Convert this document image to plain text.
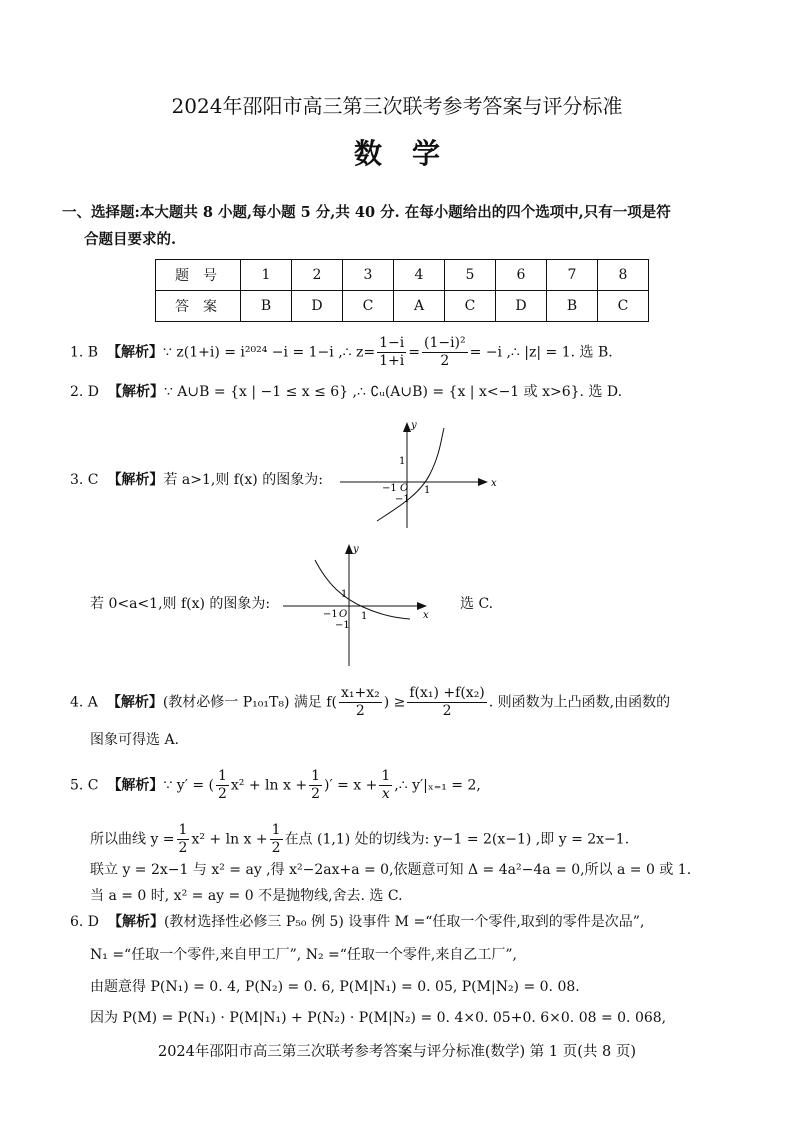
2024年邵阳市高三第三次联考参考答案与评分标准
数学
一、选择题:本大题共 8 小题,每小题 5 分,共 40 分. 在每小题给出的四个选项中,只有一项是符
合题目要求的.
题号	1	2	3	4	5	6	7	8
答案	B	D	C	A	C	D	B	C
1. B 【解析】∵ z(1+i) = i²⁰²⁴ −i = 1−i ,∴ $z= \frac{1-i}{1+i} = \frac{\text{(1−i)²}}{2} = -i$ ,∴ |z| = 1. 选 B.
2. D 【解析】∵ A∪B = {x | −1 ≤ x ≤ 6} ,∴ ∁ᵤ(A∪B) = {x | x<−1 或 x>6}. 选 D.
3. C 【解析】若 a>1,则 f(x) 的图象为:	x
y
1
−1 O 1
−1
若 0<a<1,则 f(x) 的图象为:
x
y
1
−1 O 1
−1
选 C.
4. A 【解析】(教材必修一 P₁₀₁T₈) 满足 $f( \frac{\text{x₁+x₂}}{2}$ ) ≥ $\frac{\text{f(x₁) +f(x₂)}}{2}$ . 则函数为上凸函数,由函数的
图象可得选 A.
5. C 【解析】∵ y′ = ( $\frac{1}{2} x^2 + \ln x + \frac{1}{2}$ )′ = $x + \frac{1}{x}$ ,∴ y′|ₓ₌₁ = 2,
所以曲线 $y = \frac{1}{2} x^2 + \ln x + \frac{1}{2}$ 在点 (1,1) 处的切线为: y−1 = 2(x−1) ,即 y = 2x−1.
联立 y = 2x−1 与 x² = ay ,得 x²−2ax+a = 0,依题意可知 Δ = 4a²−4a = 0,所以 a = 0 或 1.
当 a = 0 时, x² = ay = 0 不是抛物线,舍去. 选 C.
6. D 【解析】(教材选择性必修三 P₅₀ 例 5) 设事件 M =“任取一个零件,取到的零件是次品”,
N₁ =“任取一个零件,来自甲工厂”, N₂ =“任取一个零件,来自乙工厂”,
由题意得 P(N₁) = 0. 4, P(N₂) = 0. 6, P(M|N₁) = 0. 05, P(M|N₂) = 0. 08.
因为 P(M) = P(N₁) · P(M|N₁) + P(N₂) · P(M|N₂) = 0. 4×0. 05+0. 6×0. 08 = 0. 068,
2024年邵阳市高三第三次联考参考答案与评分标准(数学) 第 1 页(共 8 页)
